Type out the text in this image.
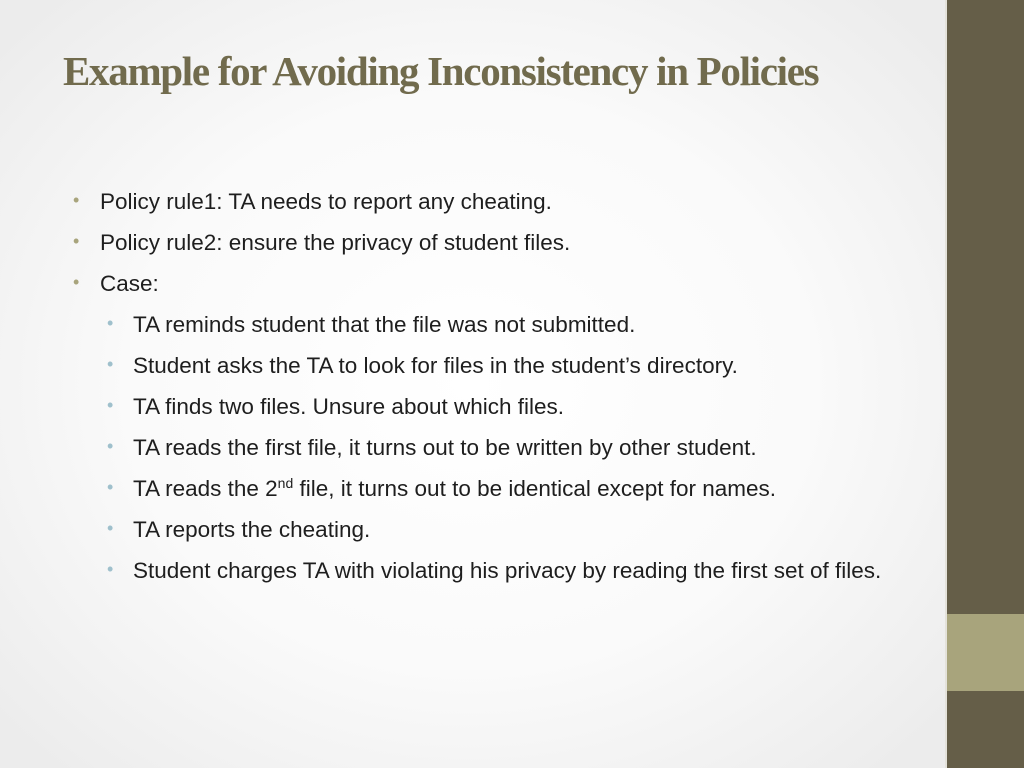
Example for Avoiding Inconsistency in Policies
• Policy rule1: TA needs to report any cheating.
• Policy rule2: ensure the privacy of student files.
• Case:
• TA reminds student that the file was not submitted.
• Student asks the TA to look for files in the student’s directory.
• TA finds two files. Unsure about which files.
• TA reads the first file, it turns out to be written by other student.
• TA reads the 2nd file, it turns out to be identical except for names.
• TA reports the cheating.
• Student charges TA with violating his privacy by reading the first set of files.
